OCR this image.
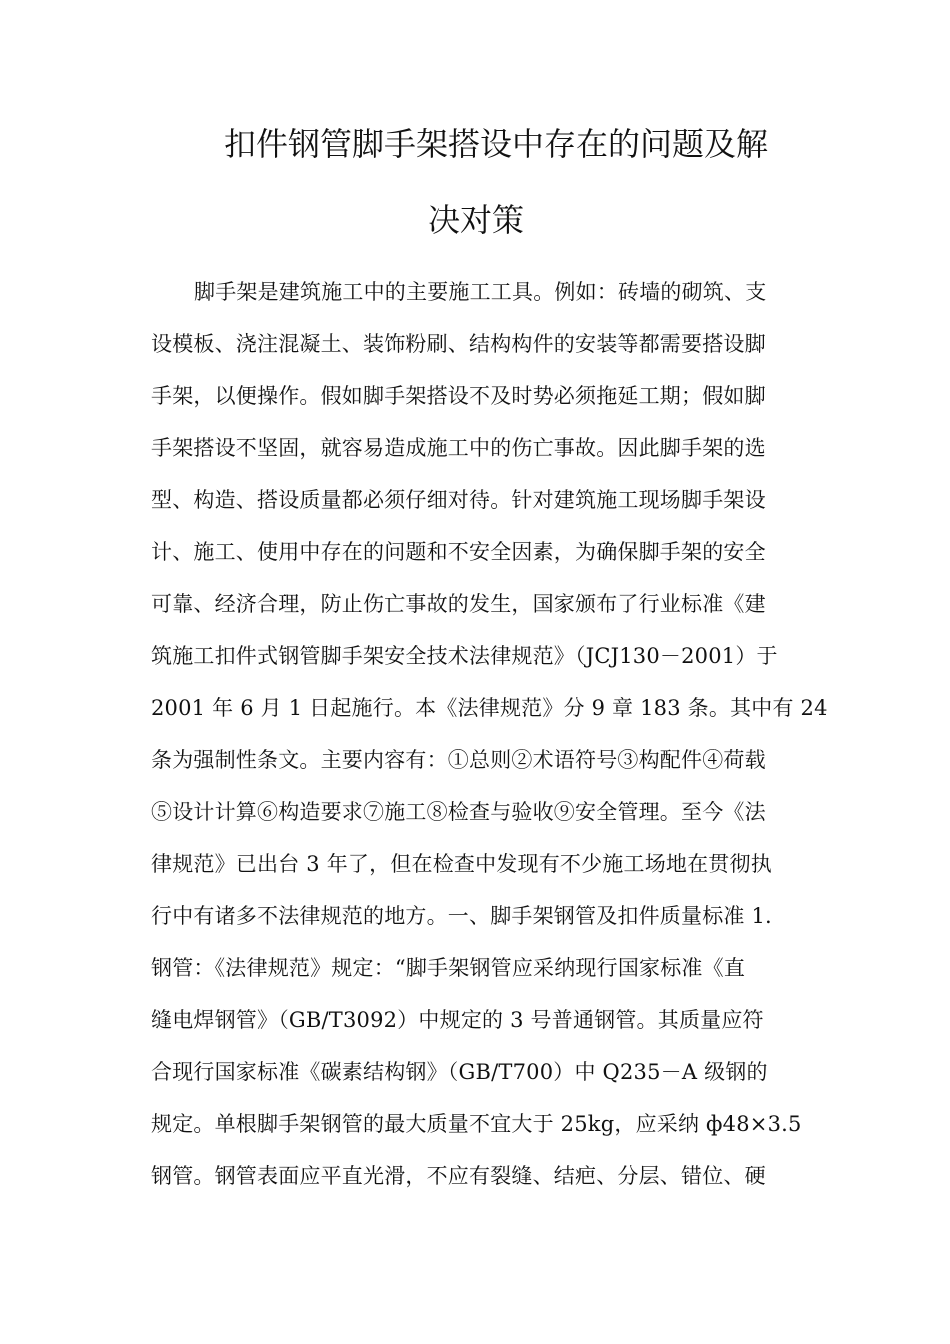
扣件钢管脚手架搭设中存在的问题及解
决对策
脚手架是建筑施工中的主要施工工具。例如：砖墙的砌筑、支
设模板、浇注混凝土、装饰粉刷、结构构件的安装等都需要搭设脚
手架，以便操作。假如脚手架搭设不及时势必须拖延工期；假如脚
手架搭设不坚固，就容易造成施工中的伤亡事故。因此脚手架的选
型、构造、搭设质量都必须仔细对待。针对建筑施工现场脚手架设
计、施工、使用中存在的问题和不安全因素，为确保脚手架的安全
可靠、经济合理，防止伤亡事故的发生，国家颁布了行业标准《建
筑施工扣件式钢管脚手架安全技术法律规范》（JCJ130－2001）于
2001 年 6 月 1 日起施行。本《法律规范》分 9 章 183 条。其中有 24
条为强制性条文。主要内容有：①总则②术语符号③构配件④荷载
⑤设计计算⑥构造要求⑦施工⑧检查与验收⑨安全管理。至今《法
律规范》已出台 3 年了，但在检查中发现有不少施工场地在贯彻执
行中有诸多不法律规范的地方。一、脚手架钢管及扣件质量标准 1.
钢管：《法律规范》规定：“脚手架钢管应采纳现行国家标准《直
缝电焊钢管》（GB/T3092）中规定的 3 号普通钢管。其质量应符
合现行国家标准《碳素结构钢》（GB/T700）中 Q235－A 级钢的
规定。单根脚手架钢管的最大质量不宜大于 25kg，应采纳 ф48×3.5
钢管。钢管表面应平直光滑，不应有裂缝、结疤、分层、错位、硬
